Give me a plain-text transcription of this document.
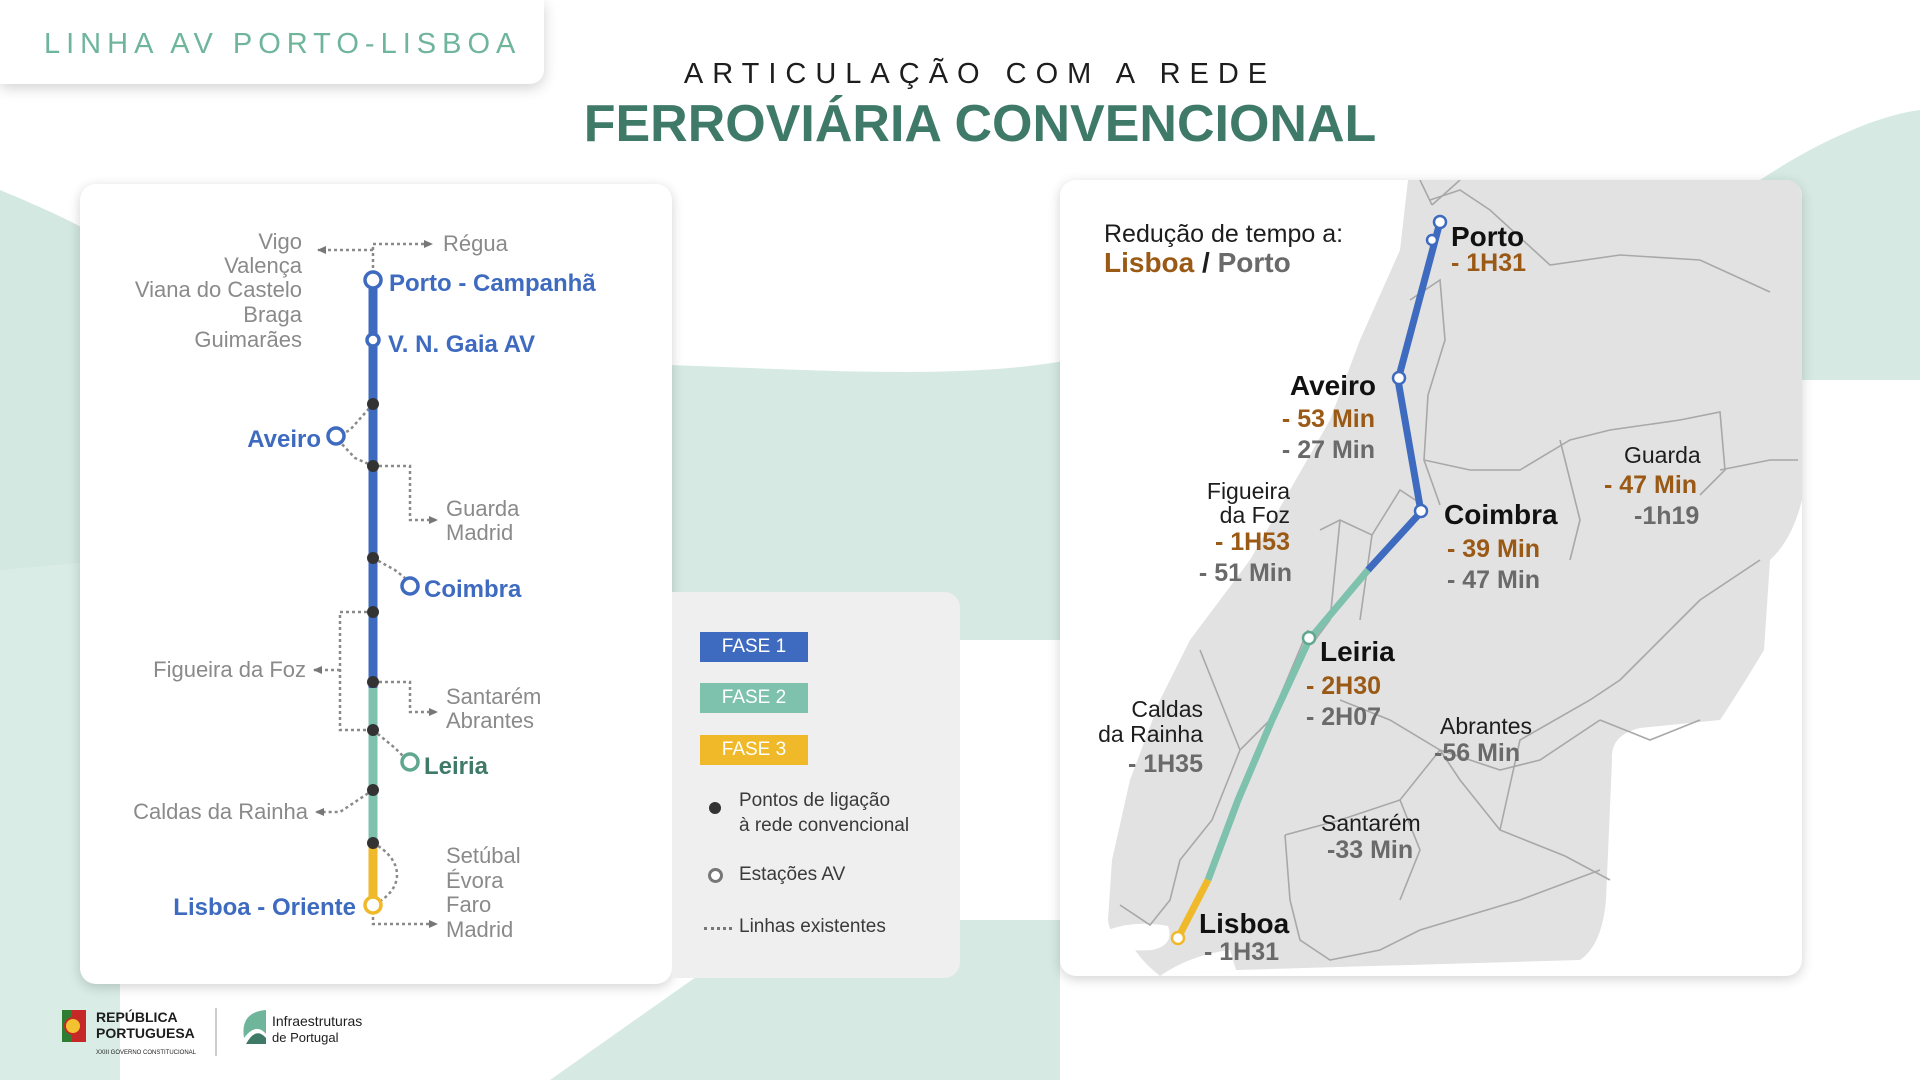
LINHA AV PORTO-LISBOA
ARTICULAÇÃO COM A REDE
FERROVIÁRIA CONVENCIONAL
Vigo
Valença
Viana do Castelo
Braga
Guimarães
Figueira da Foz
Caldas da Rainha
Régua
Guarda
Madrid
Santarém
Abrantes
Setúbal
Évora
Faro
Madrid
Porto - Campanhã
V. N. Gaia AV
Aveiro
Coimbra
Lisboa - Oriente
Leiria
FASE 1
FASE 2
FASE 3
Pontos de ligação
à rede convencional
Estações AV
Linhas existentes
Redução de tempo a:
Lisboa / Porto
Porto
- 1H31
Aveiro
- 53 Min
- 27 Min
Figueira
da Foz
- 1H53
- 51 Min
Coimbra
- 39 Min
- 47 Min
Guarda
- 47 Min
-1h19
Leiria
- 2H30
- 2H07
Caldas
da Rainha
- 1H35
Abrantes
-56 Min
Santarém
-33 Min
Lisboa
- 1H31
REPÚBLICA
PORTUGUESA
XXIII GOVERNO CONSTITUCIONAL
Infraestruturas
de Portugal
